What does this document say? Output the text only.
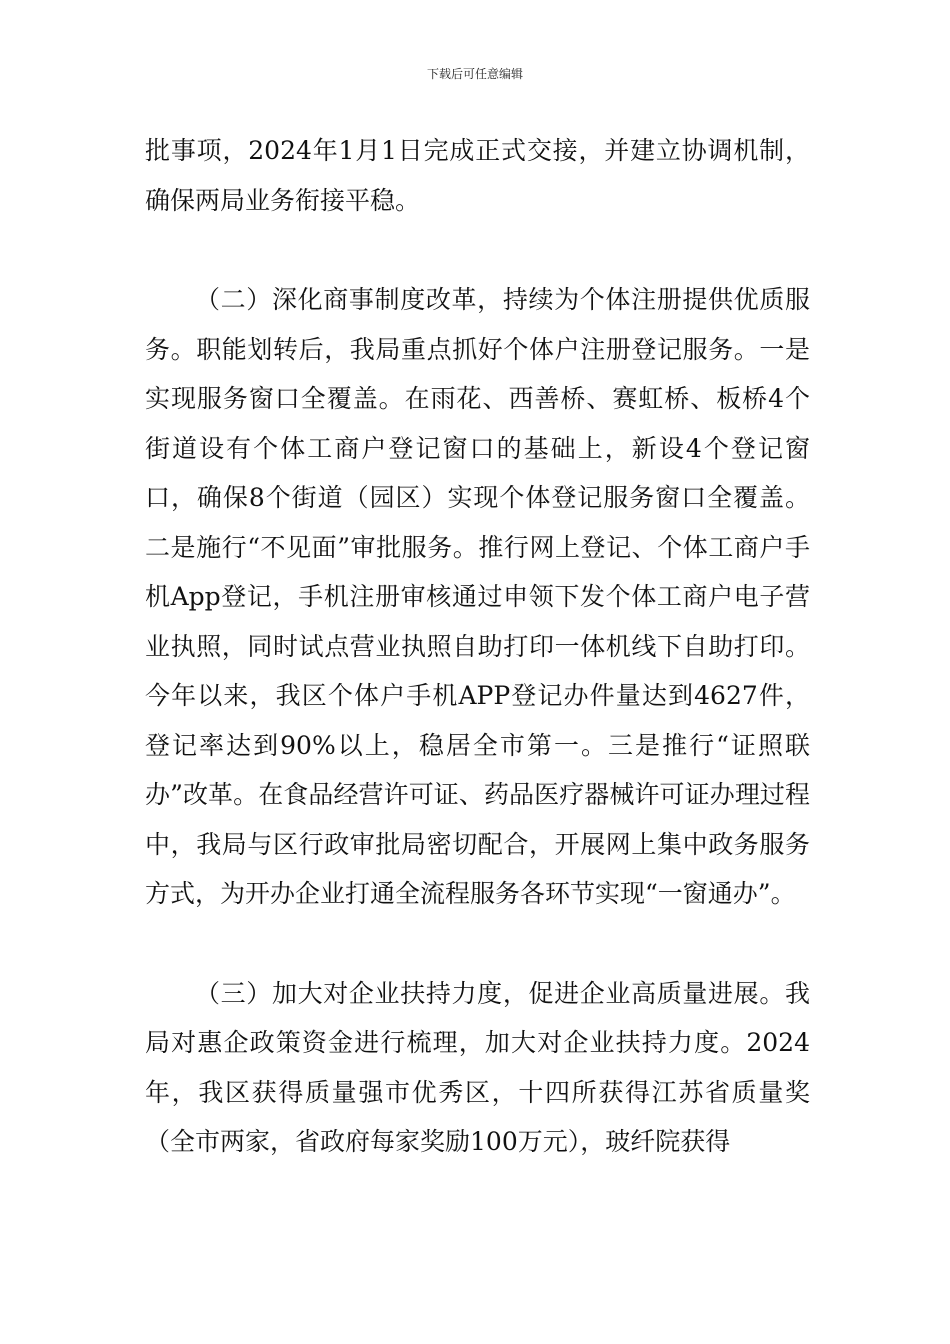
下载后可任意编辑

批事项，2024年1月1日完成正式交接，并建立协调机制，确保两局业务衔接平稳。

（二）深化商事制度改革，持续为个体注册提供优质服务。职能划转后，我局重点抓好个体户注册登记服务。一是实现服务窗口全覆盖。在雨花、西善桥、赛虹桥、板桥4个街道设有个体工商户登记窗口的基础上，新设4个登记窗口，确保8个街道（园区）实现个体登记服务窗口全覆盖。二是施行“不见面”审批服务。推行网上登记、个体工商户手机App登记，手机注册审核通过申领下发个体工商户电子营业执照，同时试点营业执照自助打印一体机线下自助打印。今年以来，我区个体户手机APP登记办件量达到4627件，登记率达到90%以上，稳居全市第一。三是推行“证照联办”改革。在食品经营许可证、药品医疗器械许可证办理过程中，我局与区行政审批局密切配合，开展网上集中政务服务方式，为开办企业打通全流程服务各环节实现“一窗通办”。

（三）加大对企业扶持力度，促进企业高质量进展。我局对惠企政策资金进行梳理，加大对企业扶持力度。2024年，我区获得质量强市优秀区，十四所获得江苏省质量奖（全市两家，省政府每家奖励100万元），玻纤院获得
